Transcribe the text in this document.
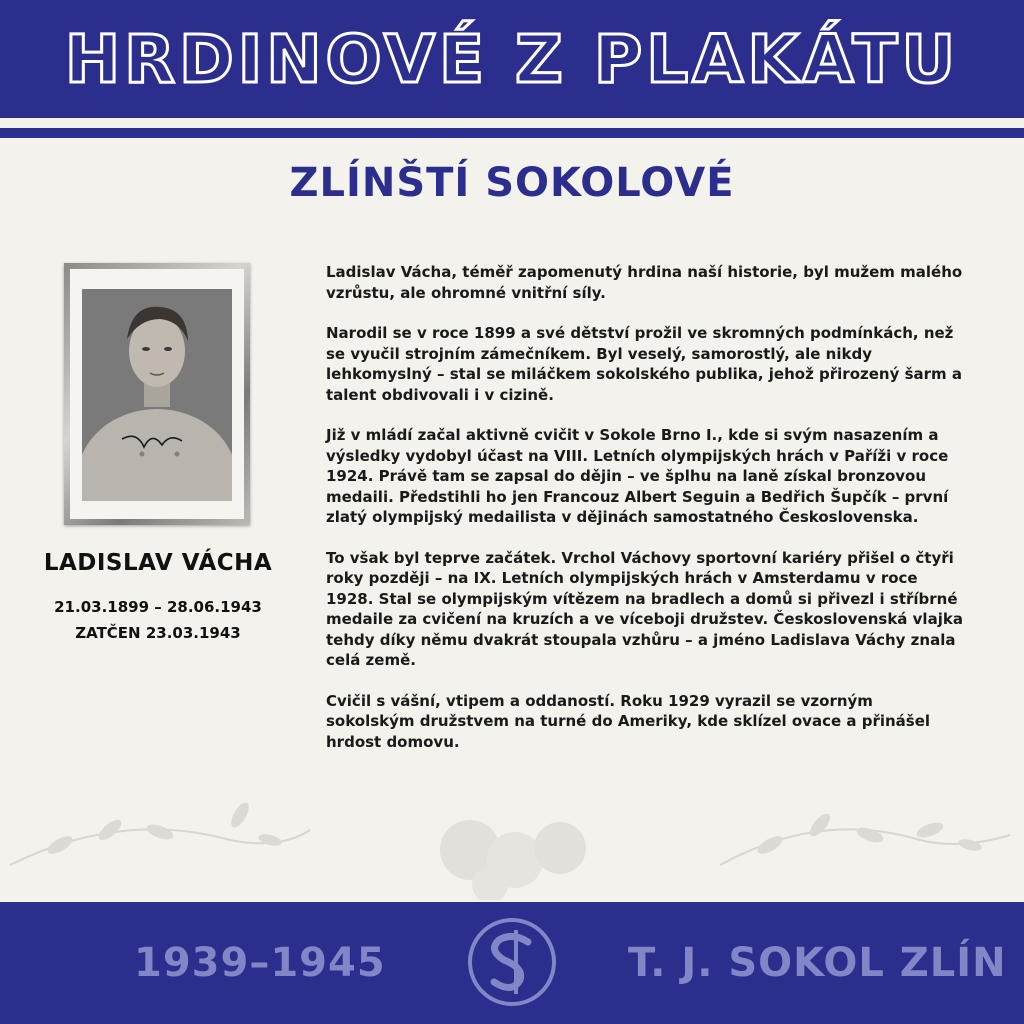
HRDINOVÉ Z PLAKÁTU
ZLÍNŠTÍ SOKOLOVÉ
LADISLAV VÁCHA
21.03.1899 – 28.06.1943
ZATČEN 23.03.1943

Ladislav Vácha, téměř zapomenutý hrdina naší historie, byl mužem malého vzrůstu, ale ohromné vnitřní síly.

Narodil se v roce 1899 a své dětství prožil ve skromných podmínkách, než se vyučil strojním zámečníkem. Byl veselý, samorostlý, ale nikdy lehkomyslný – stal se miláčkem sokolského publika, jehož přirozený šarm a talent obdivovali i v cizině.

Již v mládí začal aktivně cvičit v Sokole Brno I., kde si svým nasazením a výsledky vydobyl účast na VIII. Letních olympijských hrách v Paříži v roce 1924. Právě tam se zapsal do dějin – ve šplhu na laně získal bronzovou medaili. Předstihli ho jen Francouz Albert Seguin a Bedřich Šupčík – první zlatý olympijský medailista v dějinách samostatného Československa.

To však byl teprve začátek. Vrchol Váchovy sportovní kariéry přišel o čtyři roky později – na IX. Letních olympijských hrách v Amsterdamu v roce 1928. Stal se olympijským vítězem na bradlech a domů si přivezl i stříbrné medaile za cvičení na kruzích a ve víceboji družstev. Československá vlajka tehdy díky němu dvakrát stoupala vzhůru – a jméno Ladislava Váchy znala celá země.

Cvičil s vášní, vtipem a oddaností. Roku 1929 vyrazil se vzorným sokolským družstvem na turné do Ameriky, kde sklízel ovace a přinášel hrdost domovu.

1939–1945	T. J. SOKOL ZLÍN
